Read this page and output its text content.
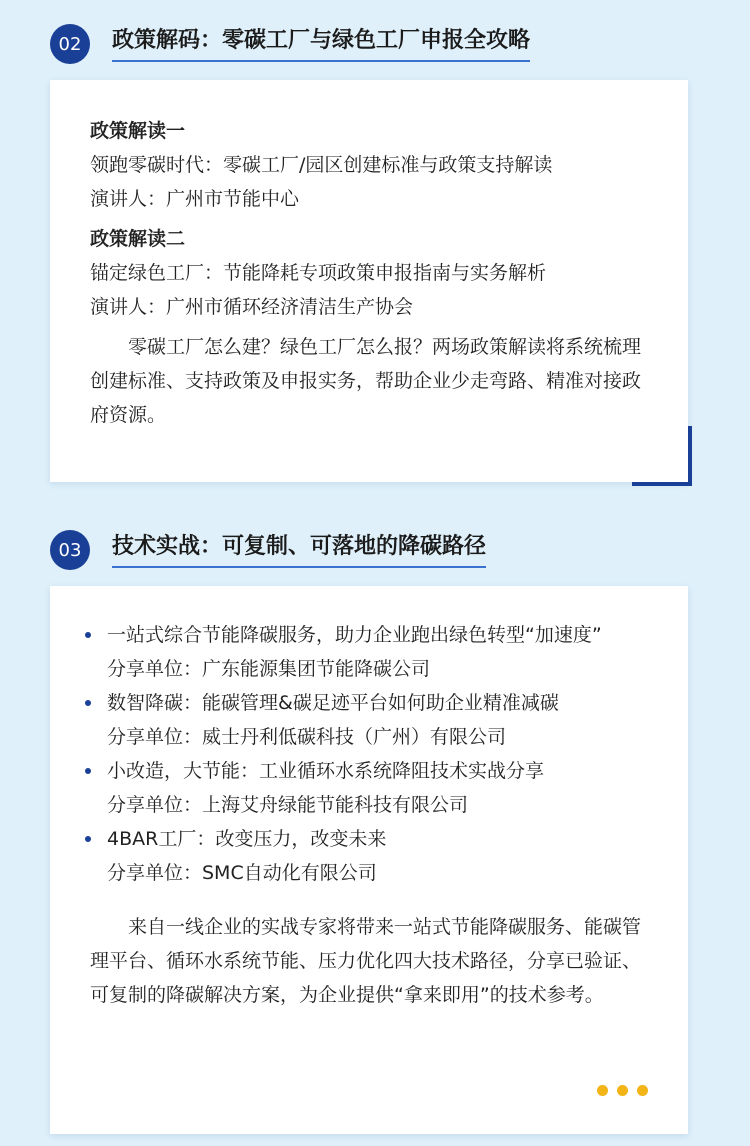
02	政策解码：零碳工厂与绿色工厂申报全攻略
政策解读一
领跑零碳时代：零碳工厂/园区创建标准与政策支持解读
演讲人：广州市节能中心
政策解读二
锚定绿色工厂：节能降耗专项政策申报指南与实务解析
演讲人：广州市循环经济清洁生产协会
零碳工厂怎么建？绿色工厂怎么报？两场政策解读将系统梳理创建标准、支持政策及申报实务，帮助企业少走弯路、精准对接政府资源。
03	技术实战：可复制、可落地的降碳路径
一站式综合节能降碳服务，助力企业跑出绿色转型“加速度”
分享单位：广东能源集团节能降碳公司
数智降碳：能碳管理&碳足迹平台如何助企业精准减碳
分享单位：威士丹利低碳科技（广州）有限公司
小改造，大节能：工业循环水系统降阻技术实战分享
分享单位：上海艾舟绿能节能科技有限公司
4BAR工厂：改变压力，改变未来
分享单位：SMC自动化有限公司
来自一线企业的实战专家将带来一站式节能降碳服务、能碳管理平台、循环水系统节能、压力优化四大技术路径，分享已验证、可复制的降碳解决方案，为企业提供“拿来即用”的技术参考。
